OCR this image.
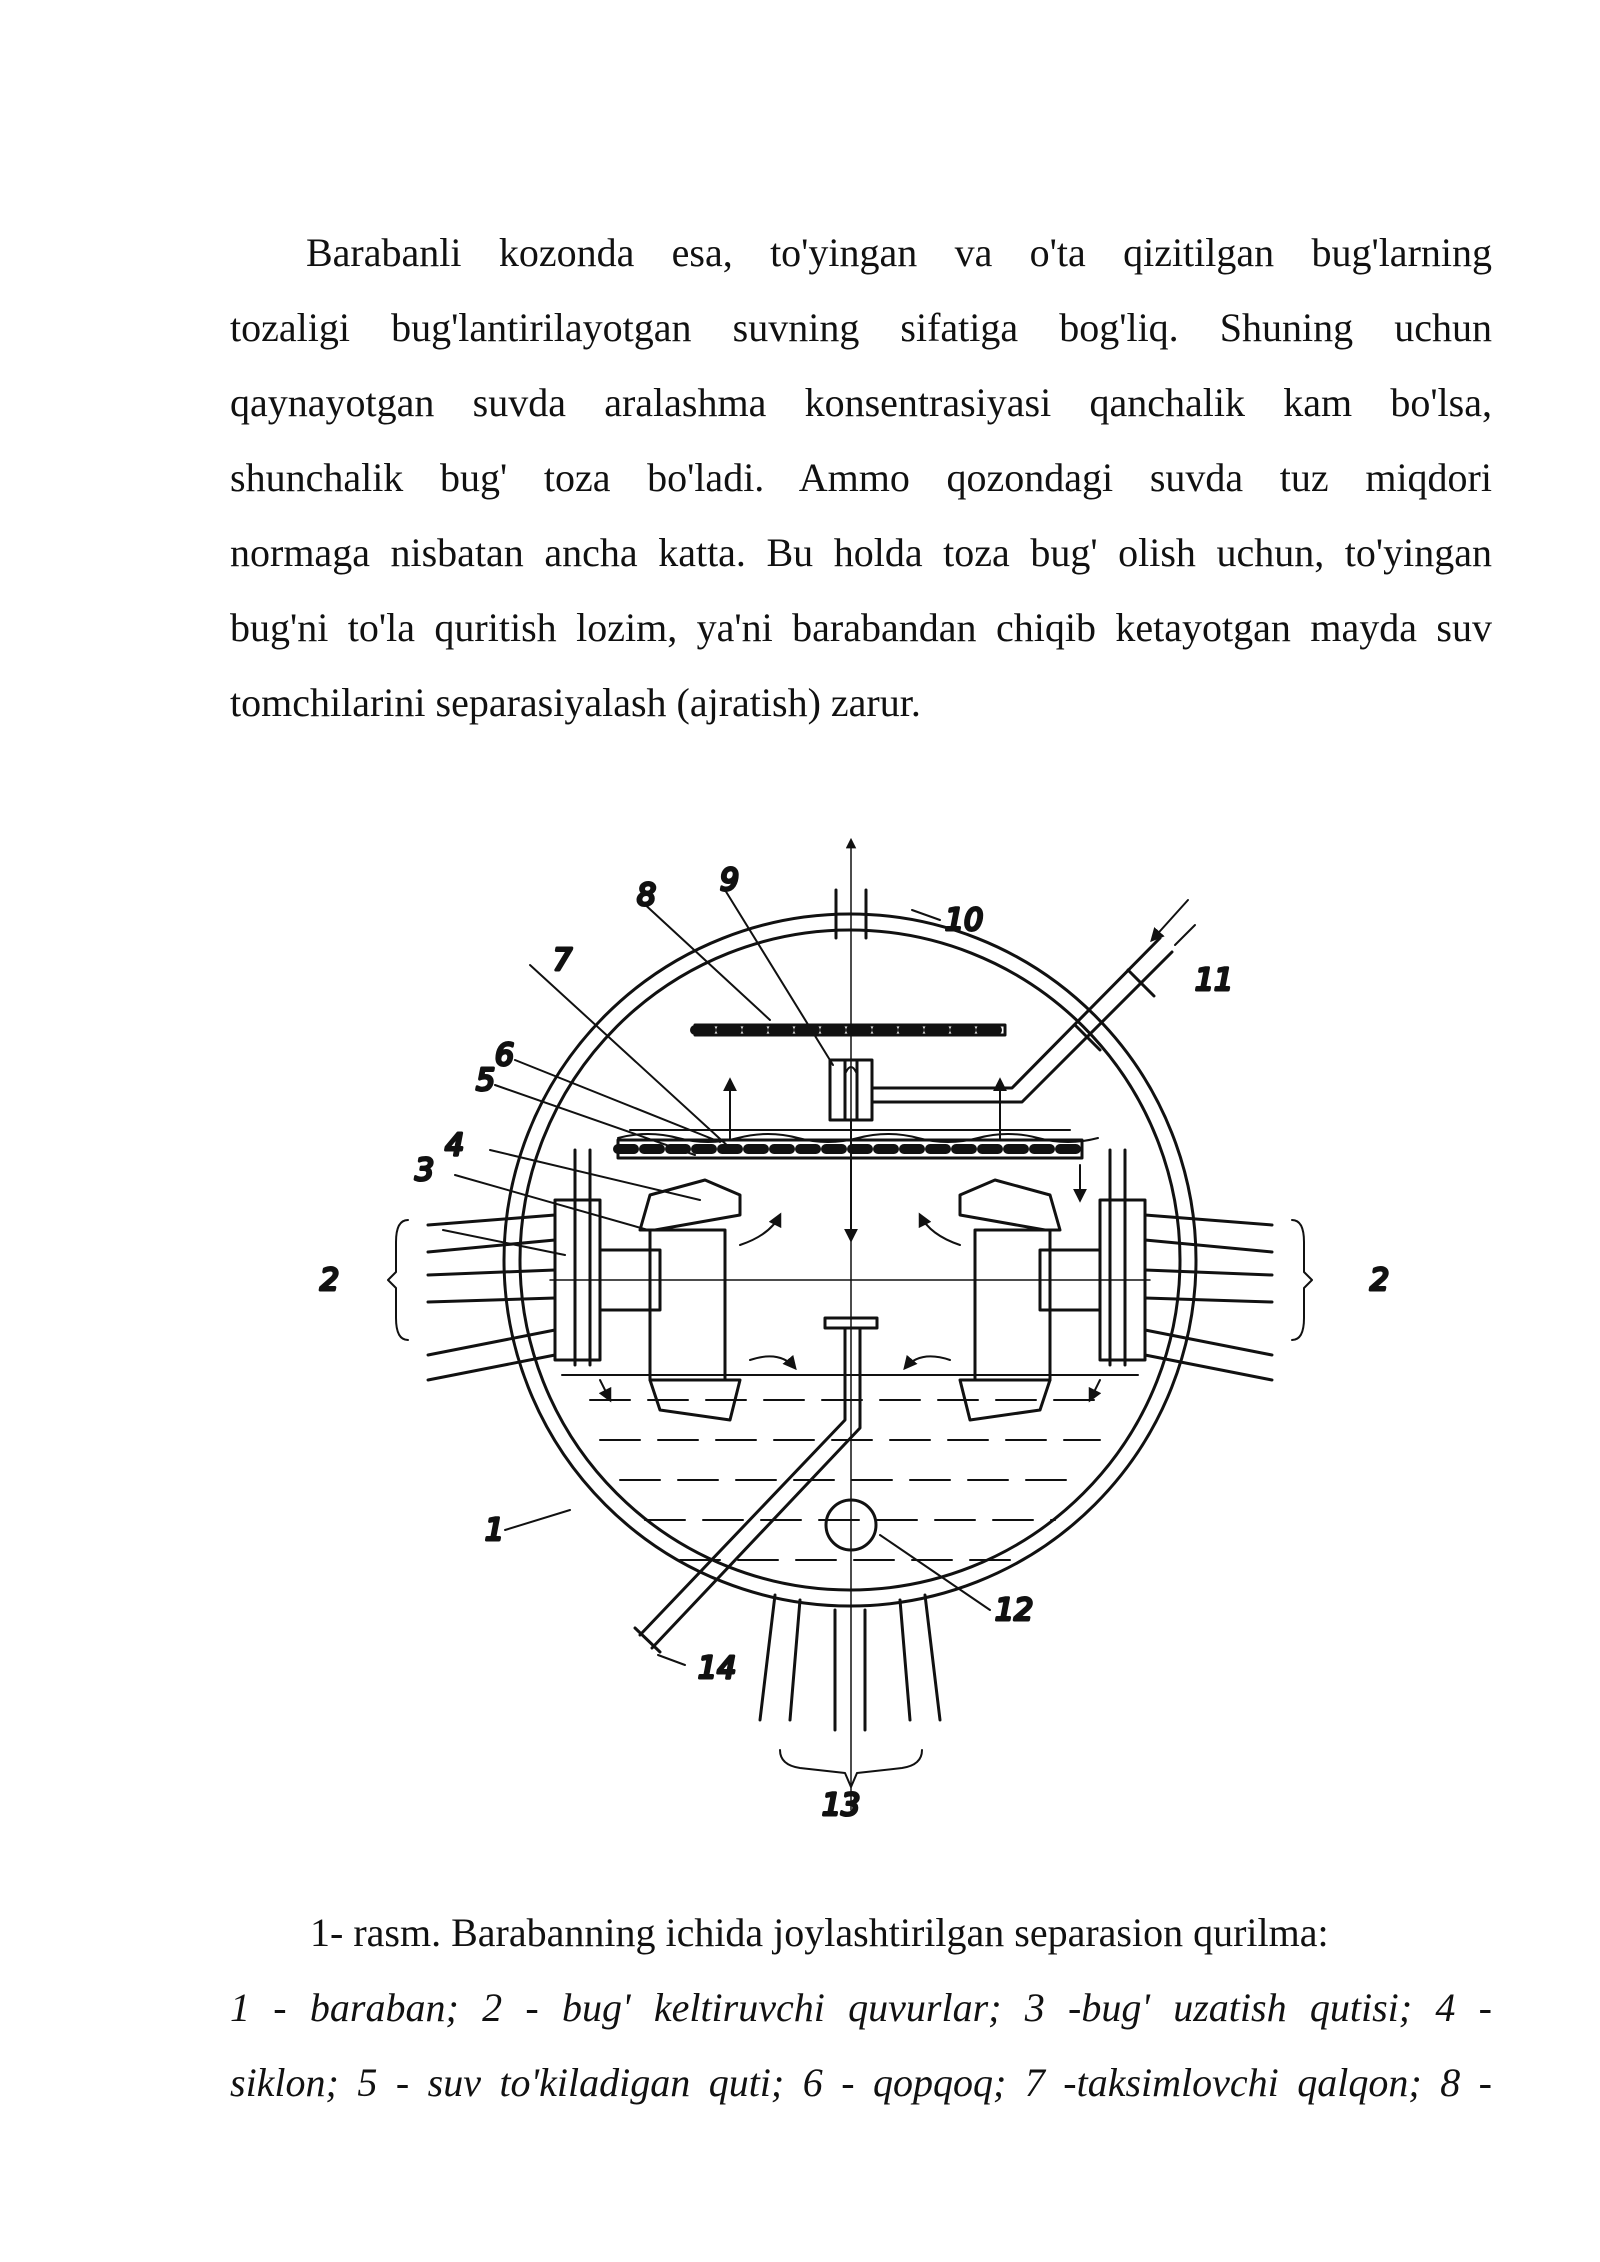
Barabanli kozonda esa, to'yingan va o'ta qizitilgan bug'larning
tozaligi bug'lantirilayotgan suvning sifatiga bog'liq. Shuning uchun
qaynayotgan suvda aralashma konsentrasiyasi qanchalik kam bo'lsa,
shunchalik bug' toza bo'ladi. Ammo qozondagi suvda tuz miqdori
normaga nisbatan ancha katta. Bu holda toza bug' olish uchun, to'yingan
bug'ni to'la quritish lozim, ya'ni barabandan chiqib ketayotgan mayda suv
tomchilarini separasiyalash (ajratish) zarur.
1
2	2
3
4
5
6
7
8 9
10
11
12
13
14
1- rasm. Barabanning ichida joylashtirilgan separasion qurilma:
1 - baraban; 2 - bug' keltiruvchi quvurlar; 3 -bug' uzatish qutisi; 4 -
siklon; 5 - suv to'kiladigan quti; 6 - qopqoq; 7 -taksimlovchi qalqon; 8 -
